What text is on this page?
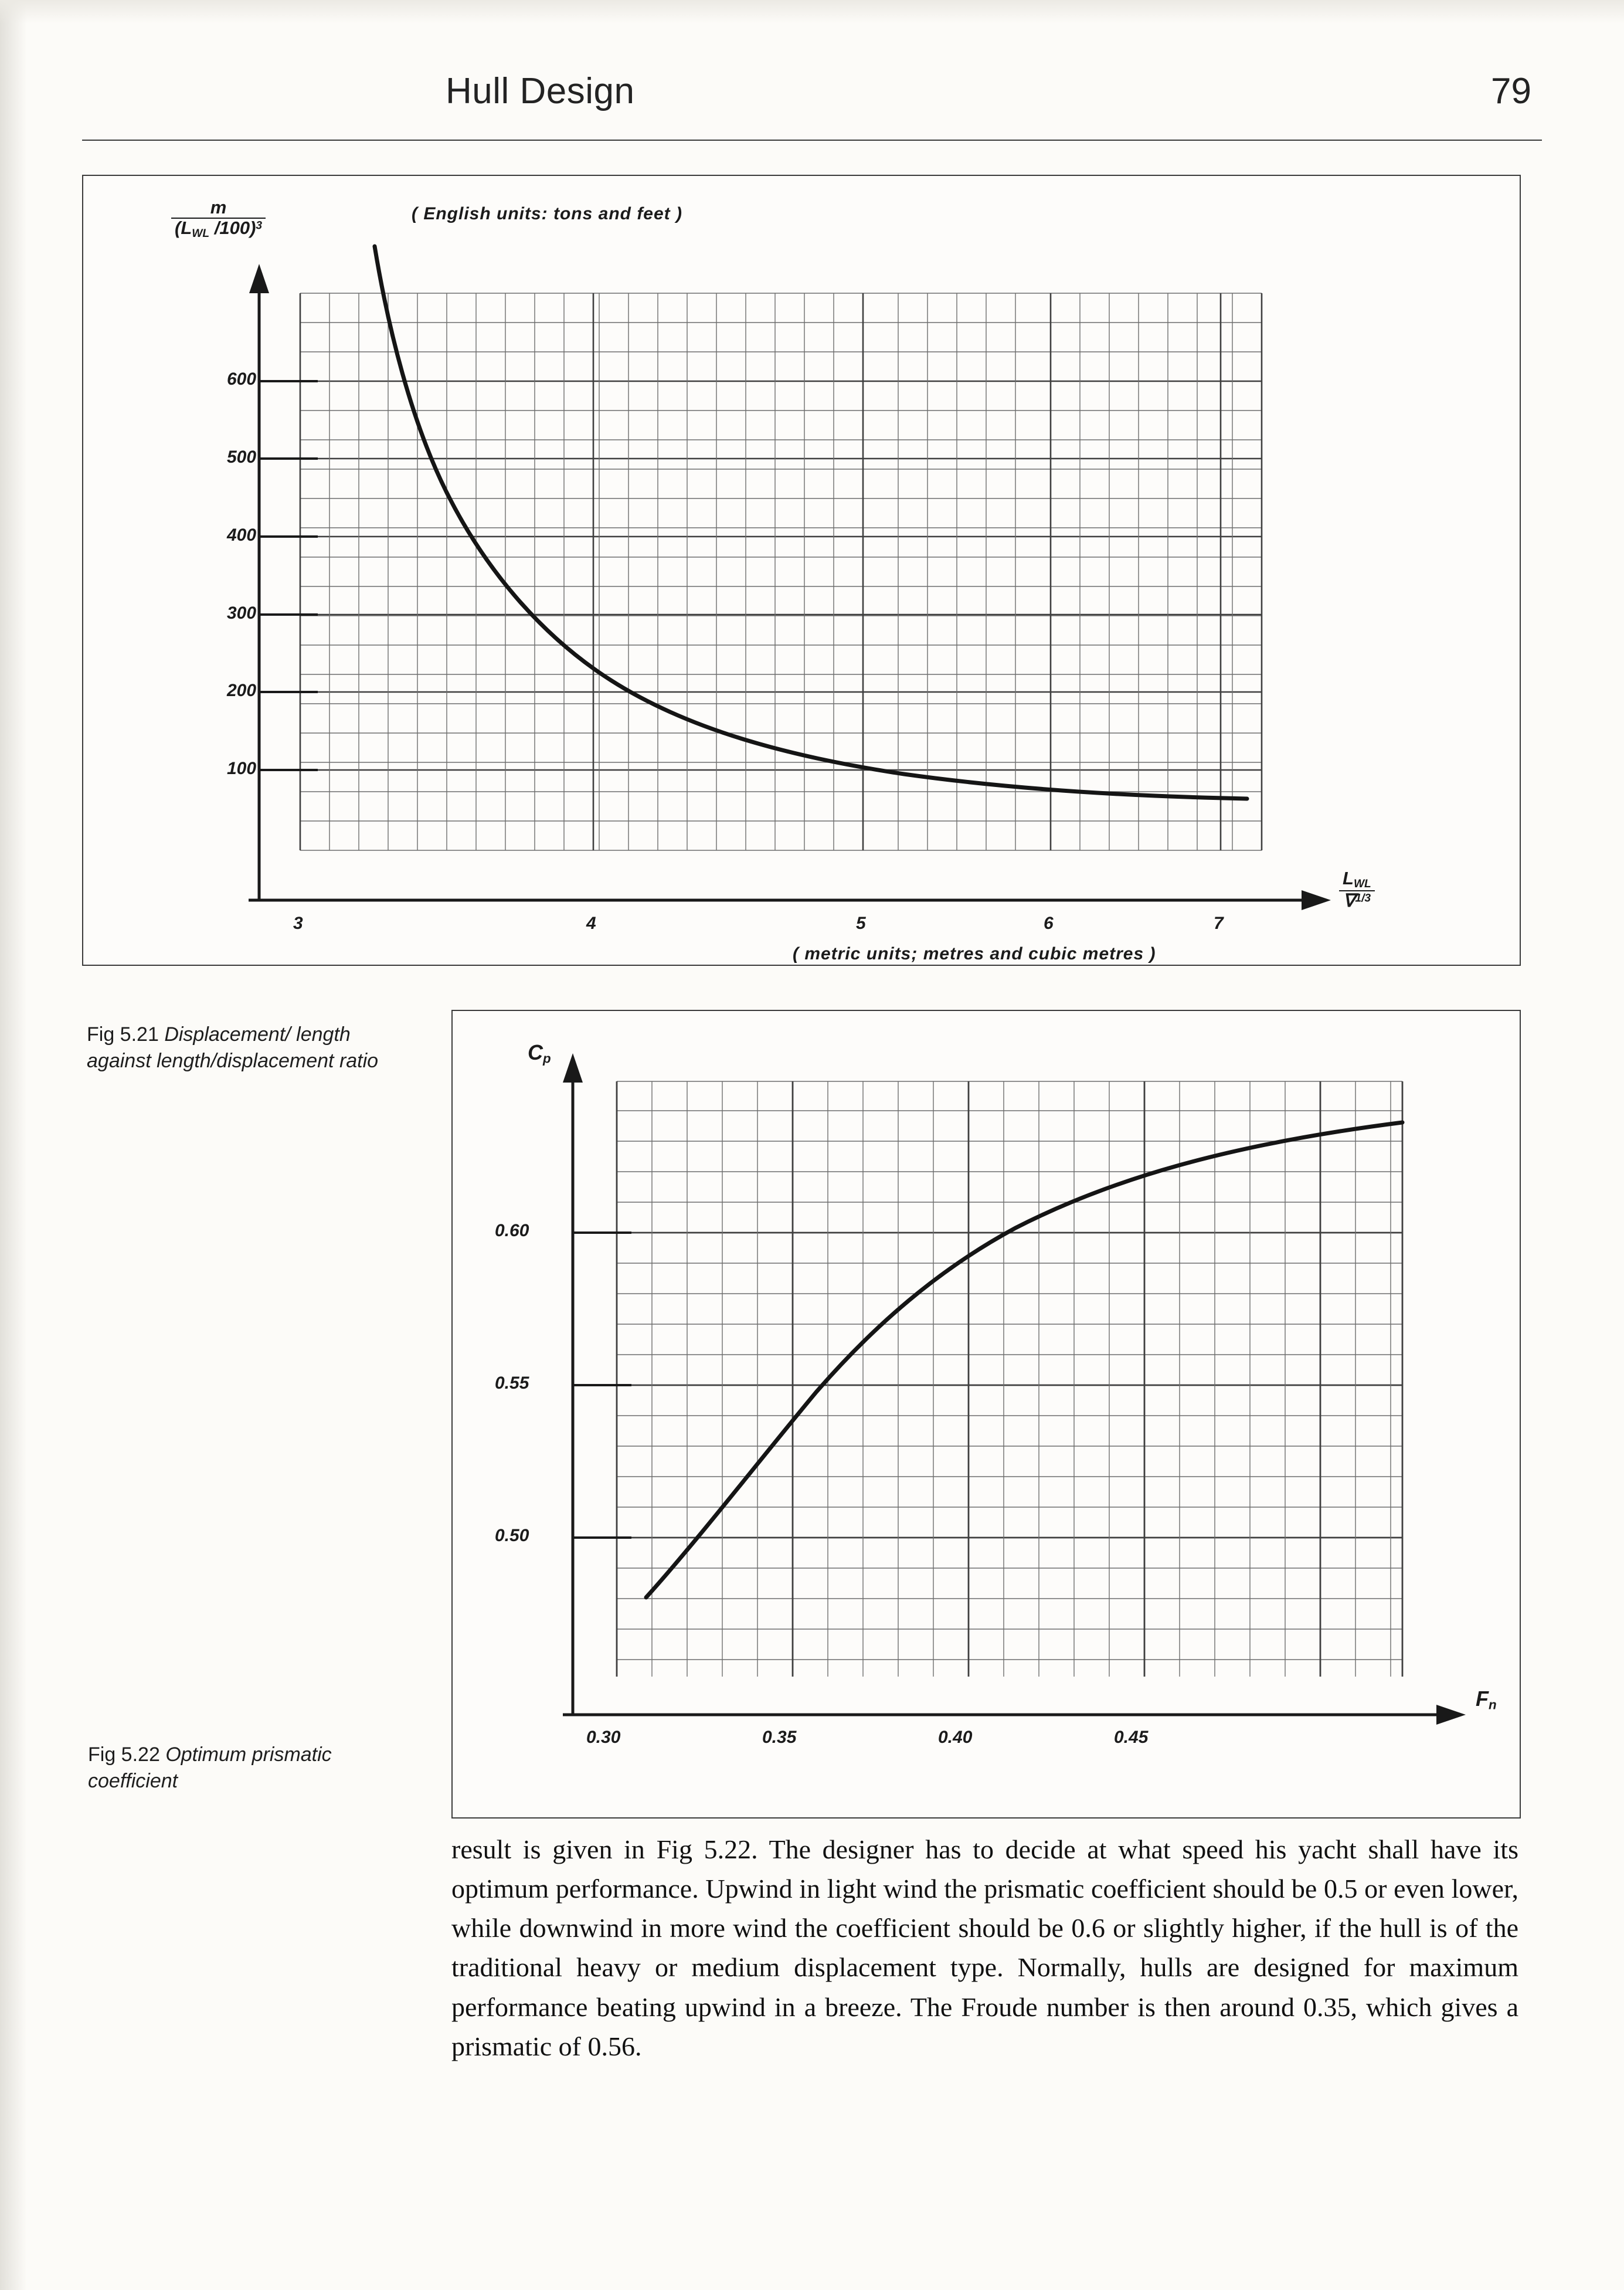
Hull Design	79
600
500
400
300
200
100
3	4	5	6	7
$\frac{m}{(L_{WL} /100)^3}$	( English units: tons and feet )
( metric units; metres and cubic metres )
$\frac{L_{WL}}{\nabla^{1/3}}$
Fig 5.21 Displacement/ length against length/displacement ratio
0.60
0.55
0.50
0.30	0.35	0.40	0.45
$C_p$
$F_n$
Fig 5.22 Optimum prismatic coefficient
result is given in Fig 5.22. The designer has to decide at what speed his yacht shall have its optimum performance. Upwind in light wind the prismatic coefficient should be 0.5 or even lower, while downwind in more wind the coefficient should be 0.6 or slightly higher, if the hull is of the traditional heavy or medium displacement type. Normally, hulls are designed for maximum performance beating upwind in a breeze. The Froude number is then around 0.35, which gives a prismatic of 0.56.
